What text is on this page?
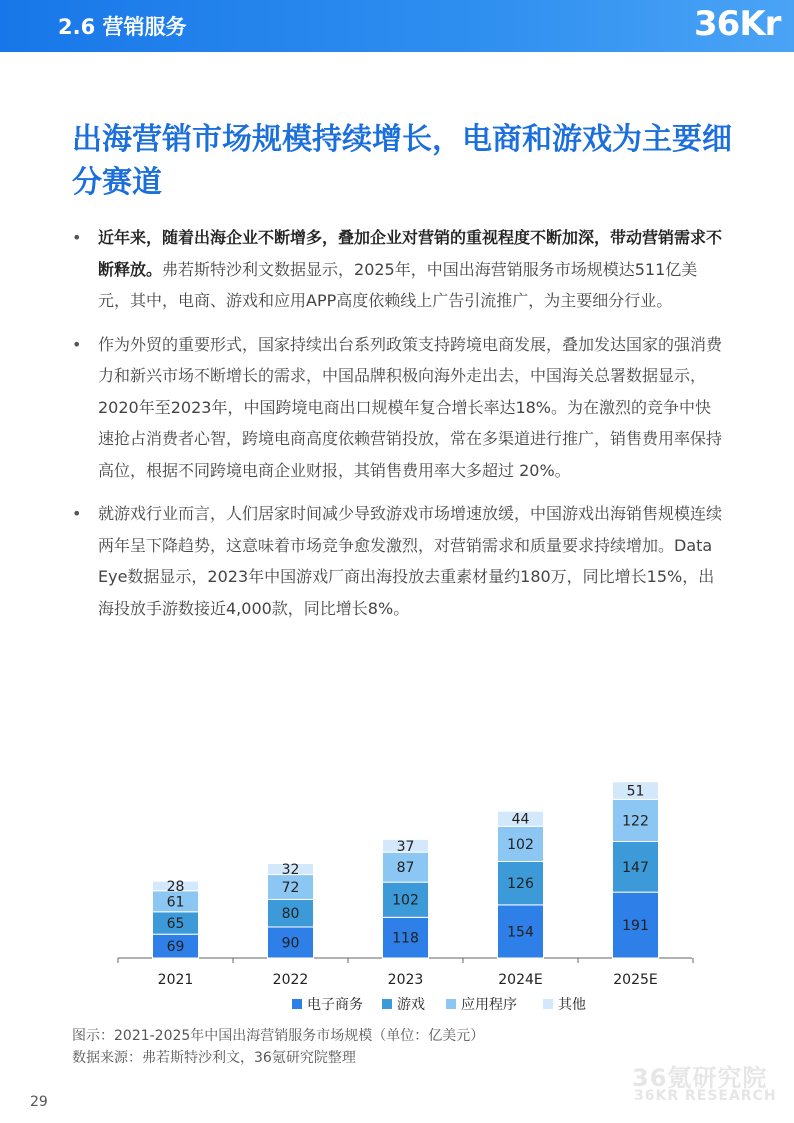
2.6 营销服务	36Kr
出海营销市场规模持续增长，电商和游戏为主要细分赛道
• 近年来，随着出海企业不断增多，叠加企业对营销的重视程度不断加深，带动营销需求不断释放。弗若斯特沙利文数据显示，2025年，中国出海营销服务市场规模达511亿美元，其中，电商、游戏和应用APP高度依赖线上广告引流推广，为主要细分行业。
• 作为外贸的重要形式，国家持续出台系列政策支持跨境电商发展，叠加发达国家的强消费力和新兴市场不断增长的需求，中国品牌积极向海外走出去，中国海关总署数据显示，2020年至2023年，中国跨境电商出口规模年复合增长率达18%。为在激烈的竞争中快速抢占消费者心智，跨境电商高度依赖营销投放，常在多渠道进行推广，销售费用率保持高位，根据不同跨境电商企业财报，其销售费用率大多超过 20%。
• 就游戏行业而言，人们居家时间减少导致游戏市场增速放缓，中国游戏出海销售规模连续两年呈下降趋势，这意味着市场竞争愈发激烈，对营销需求和质量要求持续增加。Data Eye数据显示，2023年中国游戏厂商出海投放去重素材量约180万，同比增长15%，出海投放手游数接近4,000款，同比增长8%。
69
65
61
28
2021
90
80
72
32
2022
118
102
87
37
2023
154
126
102
44
2024E
191
147
122
51
2025E
电子商务 游戏	应用程序	其他
图示：2021-2025年中国出海营销服务市场规模（单位：亿美元）
数据来源：弗若斯特沙利文，36氪研究院整理
36氪研究院
36KR RESEARCH
29
